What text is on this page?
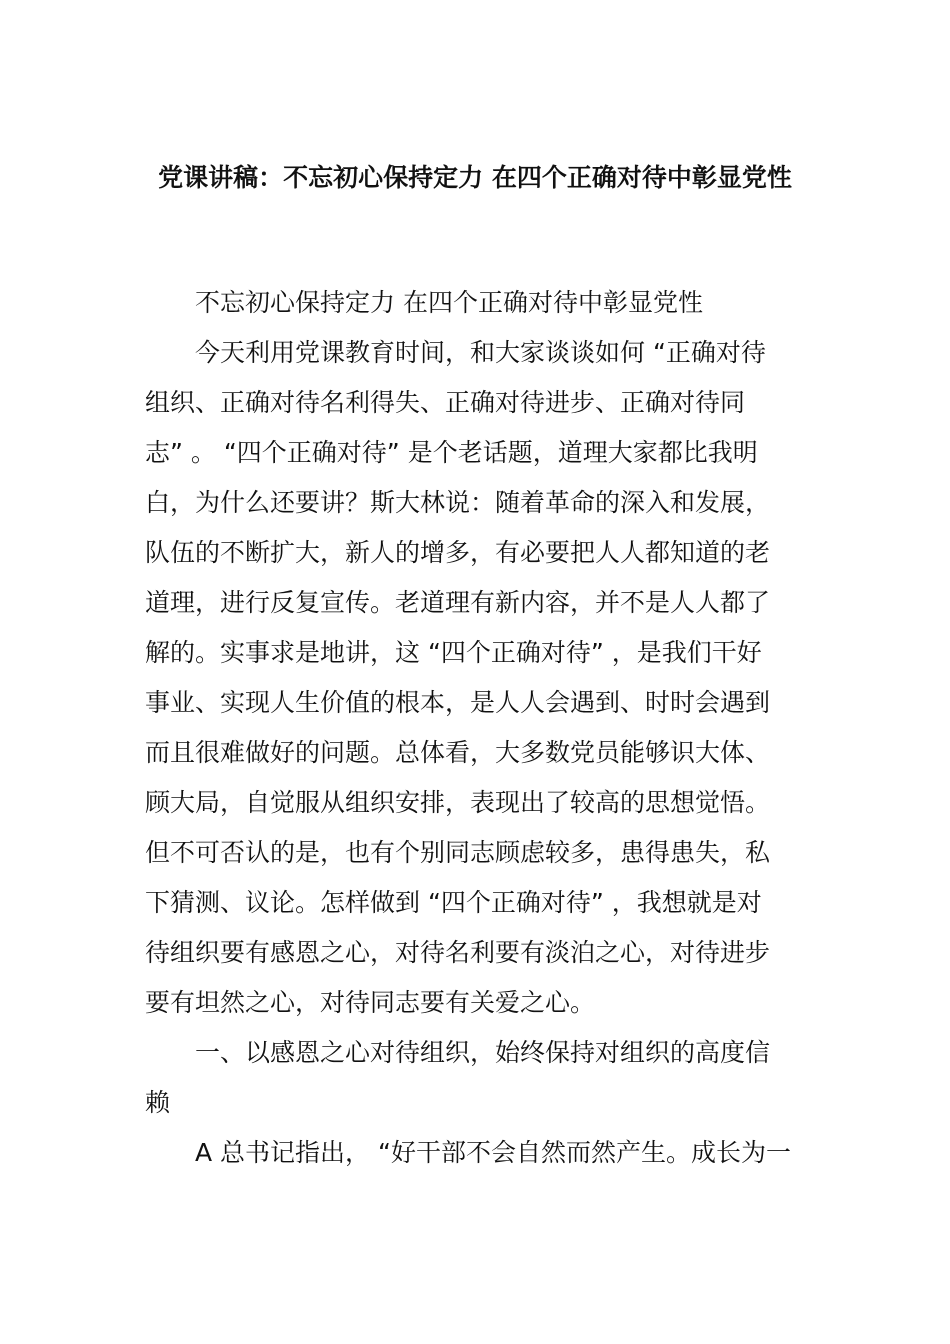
党课讲稿：不忘初心保持定力 在四个正确对待中彰显党性
不忘初心保持定力 在四个正确对待中彰显党性
今天利用党课教育时间，和大家谈谈如何 “正确对待
组织、正确对待名利得失、正确对待进步、正确对待同
志” 。 “四个正确对待” 是个老话题，道理大家都比我明
白，为什么还要讲？斯大林说：随着革命的深入和发展，
队伍的不断扩大，新人的增多，有必要把人人都知道的老
道理，进行反复宣传。老道理有新内容，并不是人人都了
解的。实事求是地讲，这 “四个正确对待” ，是我们干好
事业、实现人生价值的根本，是人人会遇到、时时会遇到
而且很难做好的问题。总体看，大多数党员能够识大体、
顾大局，自觉服从组织安排，表现出了较高的思想觉悟。
但不可否认的是，也有个别同志顾虑较多，患得患失，私
下猜测、议论。怎样做到 “四个正确对待” ，我想就是对
待组织要有感恩之心，对待名利要有淡泊之心，对待进步
要有坦然之心，对待同志要有关爱之心。
一、以感恩之心对待组织，始终保持对组织的高度信
赖
A 总书记指出， “好干部不会自然而然产生。成长为一
